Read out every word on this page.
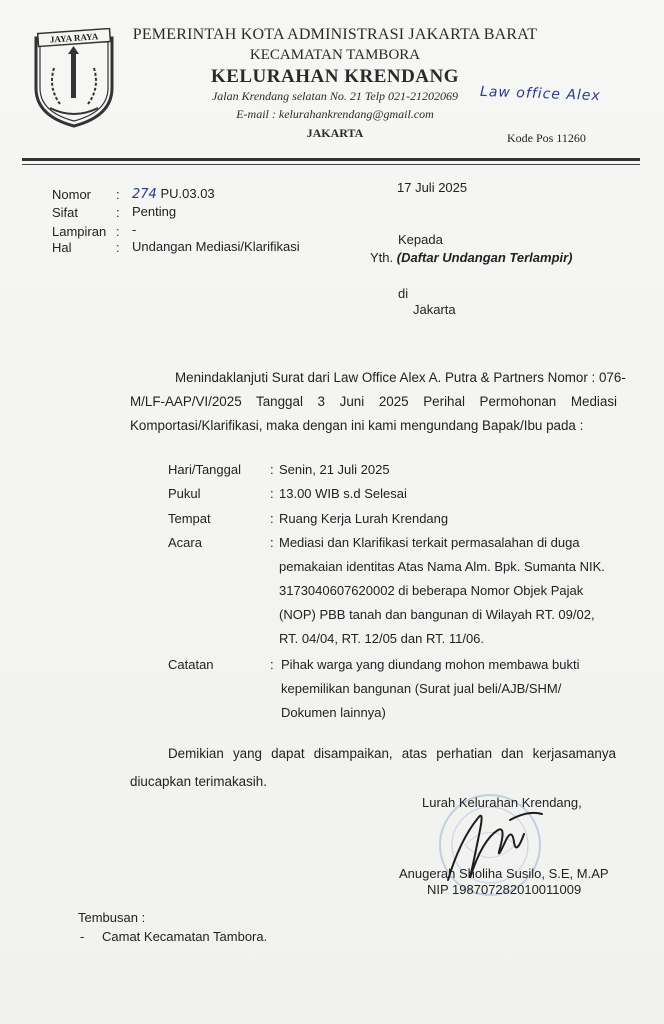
JAYA RAYA PEMERINTAH KOTA ADMINISTRASI JAKARTA BARAT
KECAMATAN TAMBORA
KELURAHAN KRENDANG
Jalan Krendang selatan No. 21 Telp 021-21202069
E-mail : kelurahankrendang@gmail.com
JAKARTA	Kode Pos 11260
Law office Alex
Nomor : 274 PU.03.03
Sifat	: Penting
Lampiran : -
Hal	: Undangan Mediasi/Klarifikasi
17 Juli 2025
Kepada
Yth. (Daftar Undangan Terlampir)
di
Jakarta
Menindaklanjuti Surat dari Law Office Alex A. Putra & Partners Nomor : 076-
M/LF-AAP/VI/2025 Tanggal 3 Juni 2025 Perihal Permohonan Mediasi
Komportasi/Klarifikasi, maka dengan ini kami mengundang Bapak/Ibu pada :
Hari/Tanggal : Senin, 21 Juli 2025
Pukul	: 13.00 WIB s.d Selesai
Tempat	: Ruang Kerja Lurah Krendang
Acara	: Mediasi dan Klarifikasi terkait permasalahan di duga
pemakaian identitas Atas Nama Alm. Bpk. Sumanta NIK.
3173040607620002 di beberapa Nomor Objek Pajak
(NOP) PBB tanah dan bangunan di Wilayah RT. 09/02,
RT. 04/04, RT. 12/05 dan RT. 11/06.
Catatan	: Pihak warga yang diundang mohon membawa bukti
kepemilikan bangunan (Surat jual beli/AJB/SHM/
Dokumen lainnya)
Demikian yang dapat disampaikan, atas perhatian dan kerjasamanya
diucapkan terimakasih.
Lurah Kelurahan Krendang,
Anugerah Sholiha Susilo, S.E, M.AP
NIP 198707282010011009
Tembusan :
- Camat Kecamatan Tambora.
